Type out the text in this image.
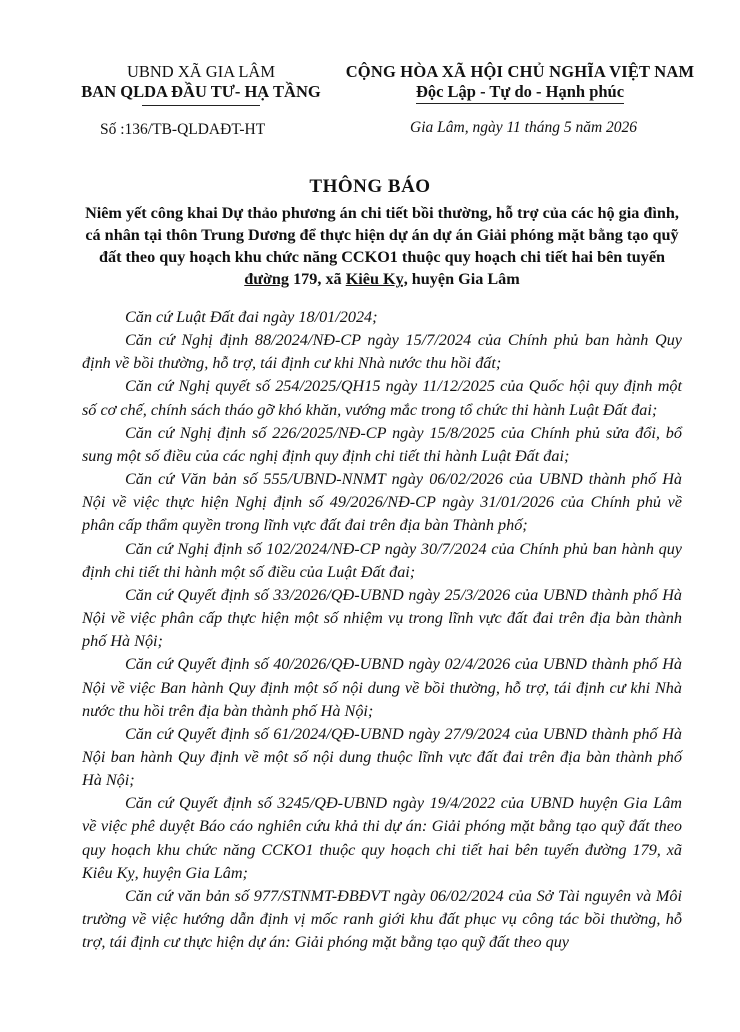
UBND XÃ GIA LÂM
BAN QLDA ĐẦU TƯ- HẠ TẦNG
CỘNG HÒA XÃ HỘI CHỦ NGHĨA VIỆT NAM
Độc Lập - Tự do - Hạnh phúc
Số :136/TB-QLDAĐT-HT	Gia Lâm, ngày 11 tháng 5 năm 2026
THÔNG BÁO
Niêm yết công khai Dự thảo phương án chi tiết bồi thường, hỗ trợ của các hộ gia đình, cá nhân tại thôn Trung Dương để thực hiện dự án dự án Giải phóng mặt bằng tạo quỹ đất theo quy hoạch khu chức năng CCKO1 thuộc quy hoạch chi tiết hai bên tuyến đường 179, xã Kiêu Kỵ, huyện Gia Lâm

Căn cứ Luật Đất đai ngày 18/01/2024;

Căn cứ Nghị định 88/2024/NĐ-CP ngày 15/7/2024 của Chính phủ ban hành Quy định về bồi thường, hỗ trợ, tái định cư khi Nhà nước thu hồi đất;

Căn cứ Nghị quyết số 254/2025/QH15 ngày 11/12/2025 của Quốc hội quy định một số cơ chế, chính sách tháo gỡ khó khăn, vướng mắc trong tổ chức thi hành Luật Đất đai;

Căn cứ Nghị định số 226/2025/NĐ-CP ngày 15/8/2025 của Chính phủ sửa đổi, bổ sung một số điều của các nghị định quy định chi tiết thi hành Luật Đất đai;

Căn cứ Văn bản số 555/UBND-NNMT ngày 06/02/2026 của UBND thành phố Hà Nội về việc thực hiện Nghị định số 49/2026/NĐ-CP ngày 31/01/2026 của Chính phủ về phân cấp thẩm quyền trong lĩnh vực đất đai trên địa bàn Thành phố;

Căn cứ Nghị định số 102/2024/NĐ-CP ngày 30/7/2024 của Chính phủ ban hành quy định chi tiết thi hành một số điều của Luật Đất đai;

Căn cứ Quyết định số 33/2026/QĐ-UBND ngày 25/3/2026 của UBND thành phố Hà Nội về việc phân cấp thực hiện một số nhiệm vụ trong lĩnh vực đất đai trên địa bàn thành phố Hà Nội;

Căn cứ Quyết định số 40/2026/QĐ-UBND ngày 02/4/2026 của UBND thành phố Hà Nội về việc Ban hành Quy định một số nội dung về bồi thường, hỗ trợ, tái định cư khi Nhà nước thu hồi trên địa bàn thành phố Hà Nội;

Căn cứ Quyết định số 61/2024/QĐ-UBND ngày 27/9/2024 của UBND thành phố Hà Nội ban hành Quy định về một số nội dung thuộc lĩnh vực đất đai trên địa bàn thành phố Hà Nội;

Căn cứ Quyết định số 3245/QĐ-UBND ngày 19/4/2022 của UBND huyện Gia Lâm về việc phê duyệt Báo cáo nghiên cứu khả thi dự án: Giải phóng mặt bằng tạo quỹ đất theo quy hoạch khu chức năng CCKO1 thuộc quy hoạch chi tiết hai bên tuyến đường 179, xã Kiêu Kỵ, huyện Gia Lâm;

Căn cứ văn bản số 977/STNMT-ĐBĐVT ngày 06/02/2024 của Sở Tài nguyên và Môi trường về việc hướng dẫn định vị mốc ranh giới khu đất phục vụ công tác bồi thường, hỗ trợ, tái định cư thực hiện dự án: Giải phóng mặt bằng tạo quỹ đất theo quy
